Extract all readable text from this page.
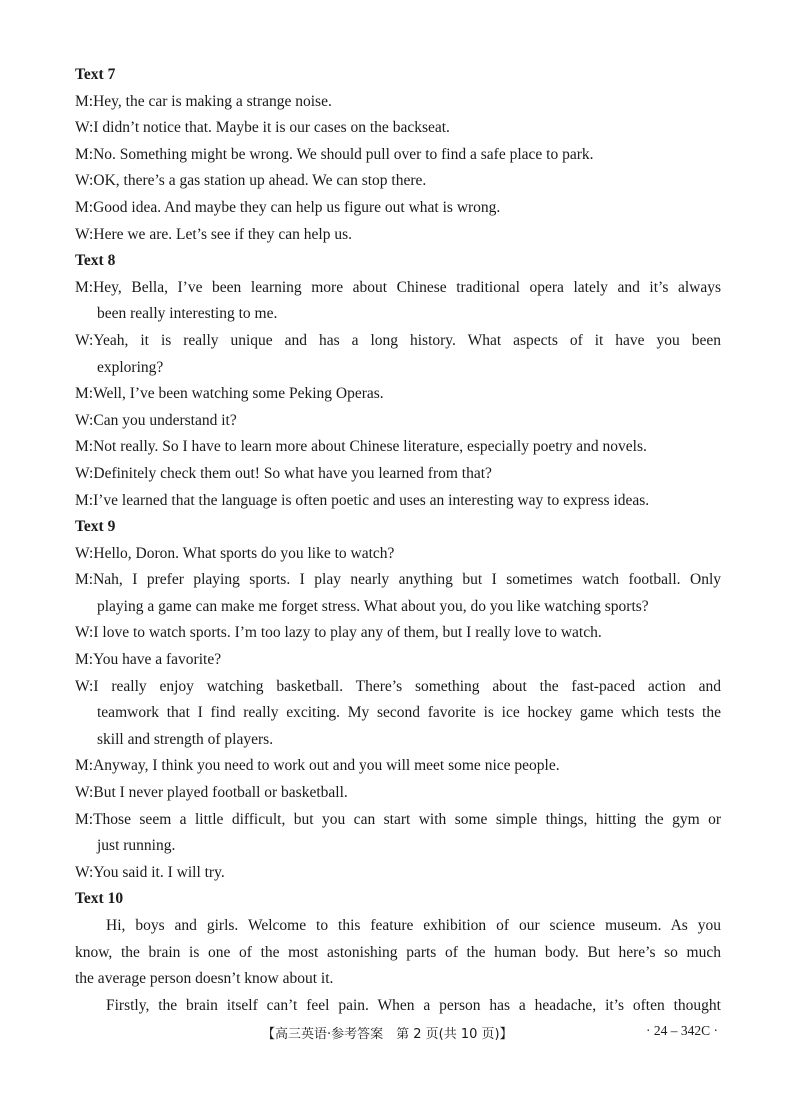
Text 7
M:Hey, the car is making a strange noise.
W:I didn’t notice that. Maybe it is our cases on the backseat.
M:No. Something might be wrong. We should pull over to find a safe place to park.
W:OK, there’s a gas station up ahead. We can stop there.
M:Good idea. And maybe they can help us figure out what is wrong.
W:Here we are. Let’s see if they can help us.
Text 8
M:Hey, Bella, I’ve been learning more about Chinese traditional opera lately and it’s always
been really interesting to me.
W:Yeah, it is really unique and has a long history. What aspects of it have you been
exploring?
M:Well, I’ve been watching some Peking Operas.
W:Can you understand it?
M:Not really. So I have to learn more about Chinese literature, especially poetry and novels.
W:Definitely check them out! So what have you learned from that?
M:I’ve learned that the language is often poetic and uses an interesting way to express ideas.
Text 9
W:Hello, Doron. What sports do you like to watch?
M:Nah, I prefer playing sports. I play nearly anything but I sometimes watch football. Only
playing a game can make me forget stress. What about you, do you like watching sports?
W:I love to watch sports. I’m too lazy to play any of them, but I really love to watch.
M:You have a favorite?
W:I really enjoy watching basketball. There’s something about the fast-paced action and
teamwork that I find really exciting. My second favorite is ice hockey game which tests the
skill and strength of players.
M:Anyway, I think you need to work out and you will meet some nice people.
W:But I never played football or basketball.
M:Those seem a little difficult, but you can start with some simple things, hitting the gym or
just running.
W:You said it. I will try.
Text 10
Hi, boys and girls. Welcome to this feature exhibition of our science museum. As you
know, the brain is one of the most astonishing parts of the human body. But here’s so much
the average person doesn’t know about it.
Firstly, the brain itself can’t feel pain. When a person has a headache, it’s often thought
【高三英语·参考答案　第 2 页(共 10 页)】	· 24 – 342C ·
